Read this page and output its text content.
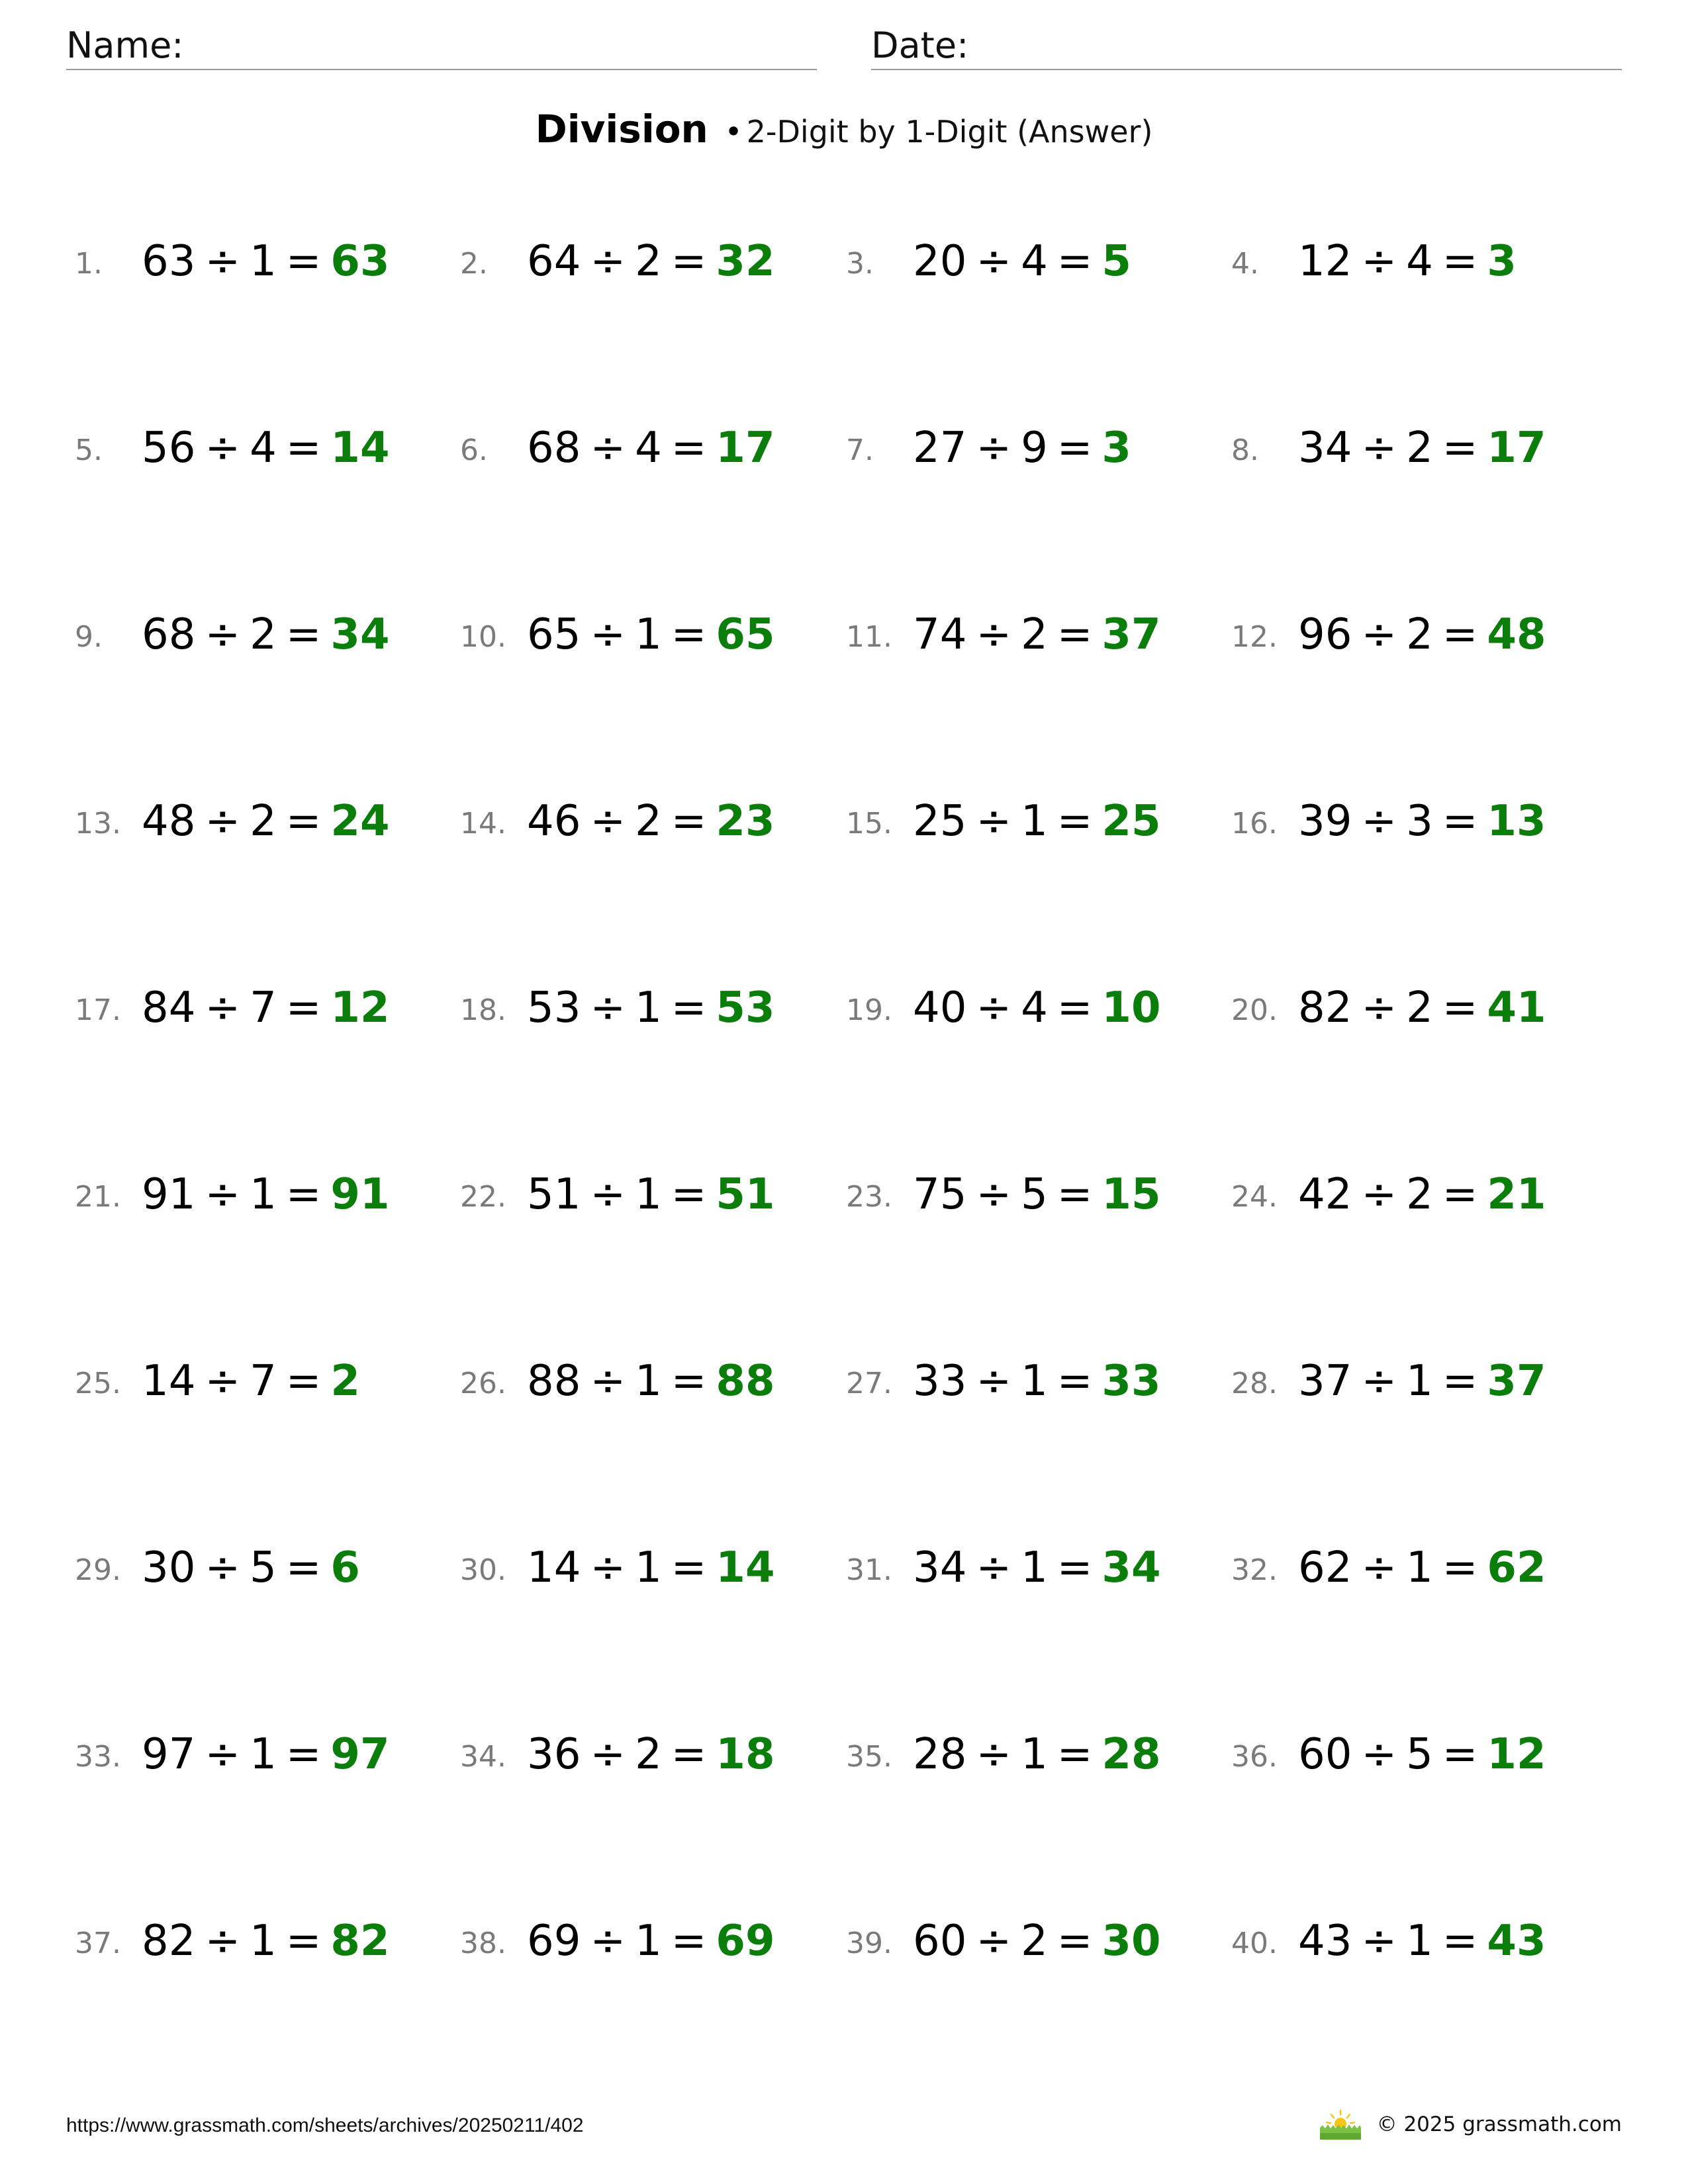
Name:	Date:
Division • 2-Digit by 1-Digit (Answer)
1. 63 ÷ 1 = 63 2. 64 ÷ 2 = 32 3. 20 ÷ 4 = 5	4. 12 ÷ 4 = 3
5. 56 ÷ 4 = 14 6. 68 ÷ 4 = 17 7. 27 ÷ 9 = 3	8. 34 ÷ 2 = 17
9. 68 ÷ 2 = 34 10. 65 ÷ 1 = 65 11. 74 ÷ 2 = 37 12. 96 ÷ 2 = 48
13. 48 ÷ 2 = 24 14. 46 ÷ 2 = 23 15. 25 ÷ 1 = 25 16. 39 ÷ 3 = 13
17. 84 ÷ 7 = 12 18. 53 ÷ 1 = 53 19. 40 ÷ 4 = 10 20. 82 ÷ 2 = 41
21. 91 ÷ 1 = 91 22. 51 ÷ 1 = 51 23. 75 ÷ 5 = 15 24. 42 ÷ 2 = 21
25. 14 ÷ 7 = 2	26. 88 ÷ 1 = 88 27. 33 ÷ 1 = 33 28. 37 ÷ 1 = 37
29. 30 ÷ 5 = 6	30. 14 ÷ 1 = 14 31. 34 ÷ 1 = 34 32. 62 ÷ 1 = 62
33. 97 ÷ 1 = 97 34. 36 ÷ 2 = 18 35. 28 ÷ 1 = 28 36. 60 ÷ 5 = 12
37. 82 ÷ 1 = 82 38. 69 ÷ 1 = 69 39. 60 ÷ 2 = 30 40. 43 ÷ 1 = 43
https://www.grassmath.com/sheets/archives/20250211/402	© 2025 grassmath.com
